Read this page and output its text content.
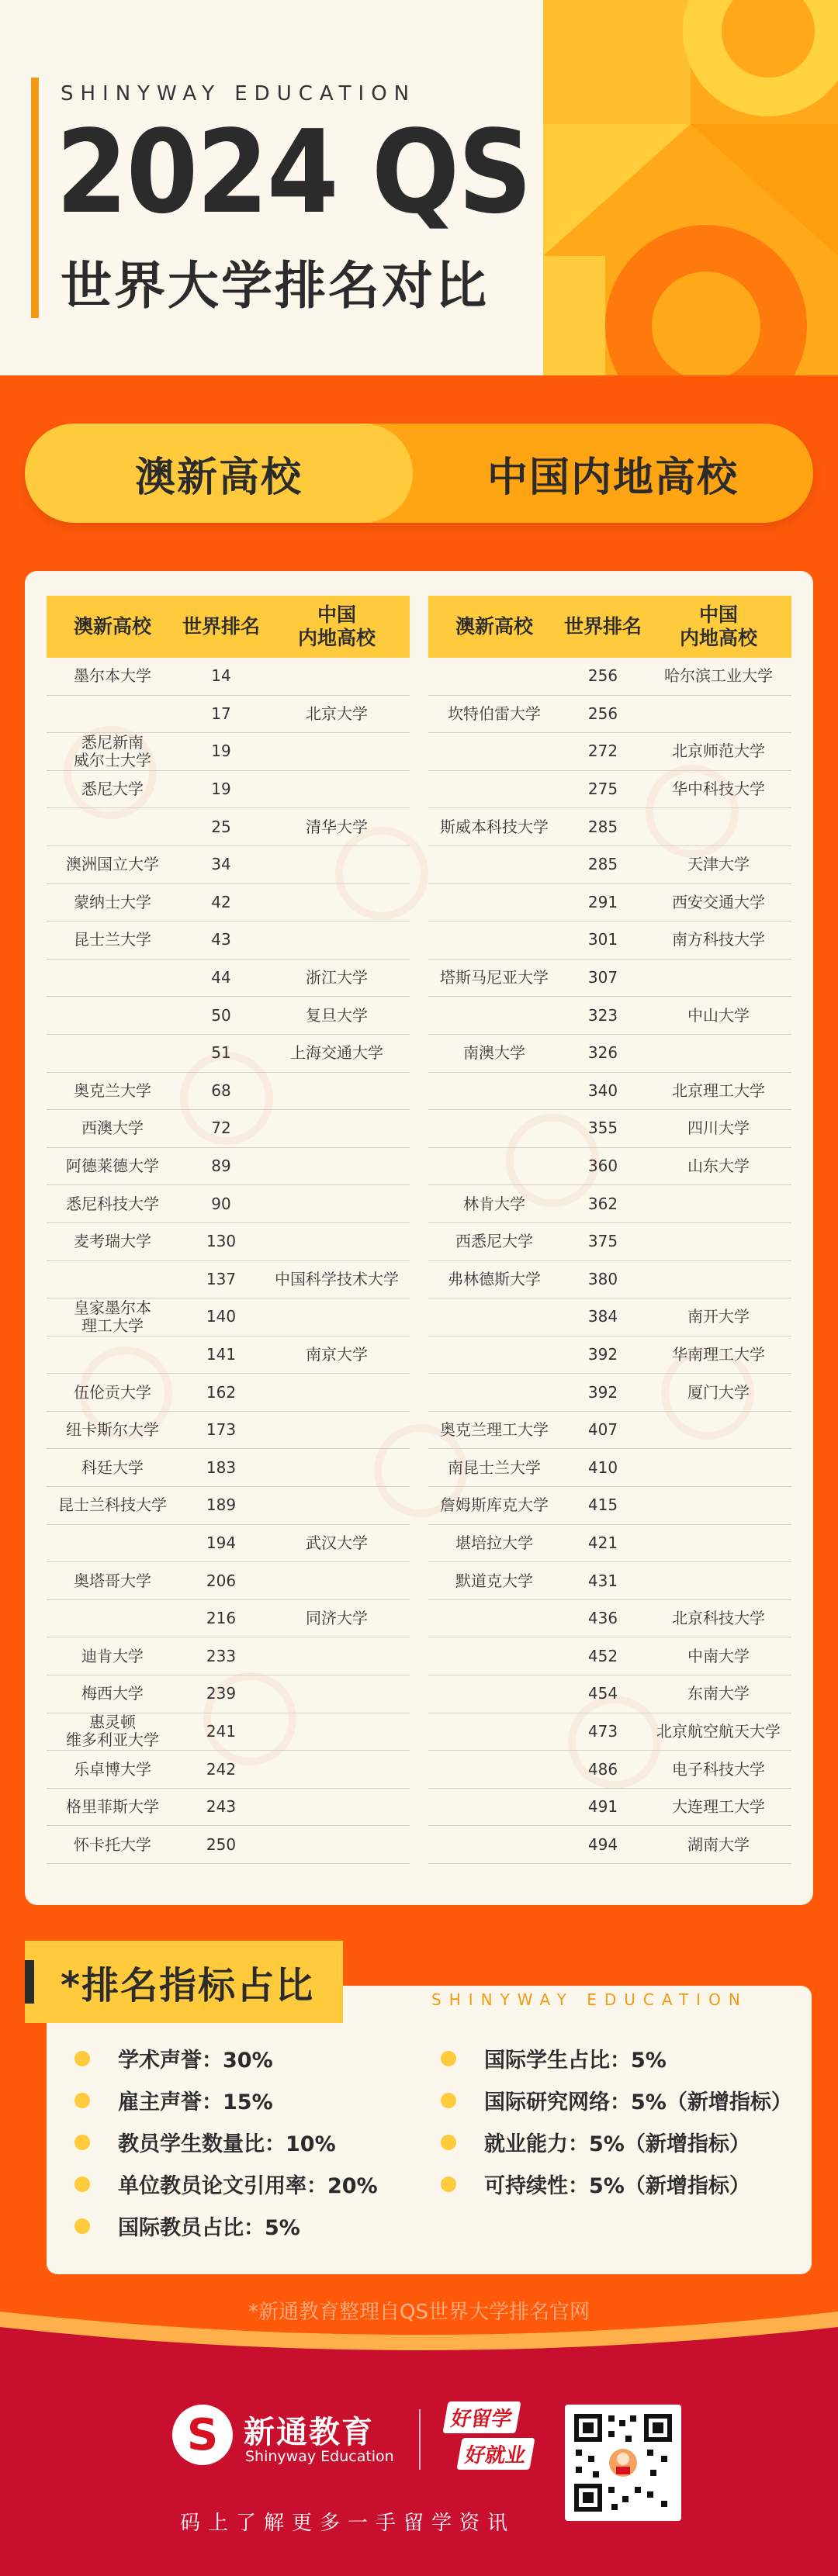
SHINYWAY EDUCATION
2024 QS
世界大学排名对比
澳新高校	中国内地高校
澳新高校	世界排名
中国
内地高校
墨尔本大学	14
17	北京大学
悉尼新南
威尔士大学	19
悉尼大学	19
25	清华大学
澳洲国立大学	34
蒙纳士大学	42
昆士兰大学	43
44	浙江大学
50	复旦大学
51	上海交通大学
奥克兰大学	68
西澳大学	72
阿德莱德大学	89
悉尼科技大学	90
麦考瑞大学	130
137	中国科学技术大学
皇家墨尔本
理工大学	140
141	南京大学
伍伦贡大学	162
纽卡斯尔大学	173
科廷大学	183
昆士兰科技大学	189
194	武汉大学
奥塔哥大学	206
216	同济大学
迪肯大学	233
梅西大学	239
惠灵顿
维多利亚大学	241
乐卓博大学	242
格里菲斯大学	243
怀卡托大学	250
澳新高校	世界排名
中国
内地高校
256	哈尔滨工业大学
坎特伯雷大学	256
272	北京师范大学
275	华中科技大学
斯威本科技大学	285
285	天津大学
291	西安交通大学
301	南方科技大学
塔斯马尼亚大学	307
323	中山大学
南澳大学	326
340	北京理工大学
355	四川大学
360	山东大学
林肯大学	362
西悉尼大学	375
弗林德斯大学	380
384	南开大学
392	华南理工大学
392	厦门大学
奥克兰理工大学	407
南昆士兰大学	410
詹姆斯库克大学	415
堪培拉大学	421
默道克大学	431
436	北京科技大学
452	中南大学
454	东南大学
473	北京航空航天大学
486	电子科技大学
491	大连理工大学
494	湖南大学
*排名指标占比	SHINYWAY EDUCATION
学术声誉：30%
雇主声誉：15%
教员学生数量比：10%
单位教员论文引用率：20%
国际教员占比：5%
国际学生占比：5%
国际研究网络：5%（新增指标）
就业能力：5%（新增指标）
可持续性：5%（新增指标）
*新通教育整理自QS世界大学排名官网
S 新通教育
Shinyway Education
好留学 好就业
码上了解更多一手留学资讯
